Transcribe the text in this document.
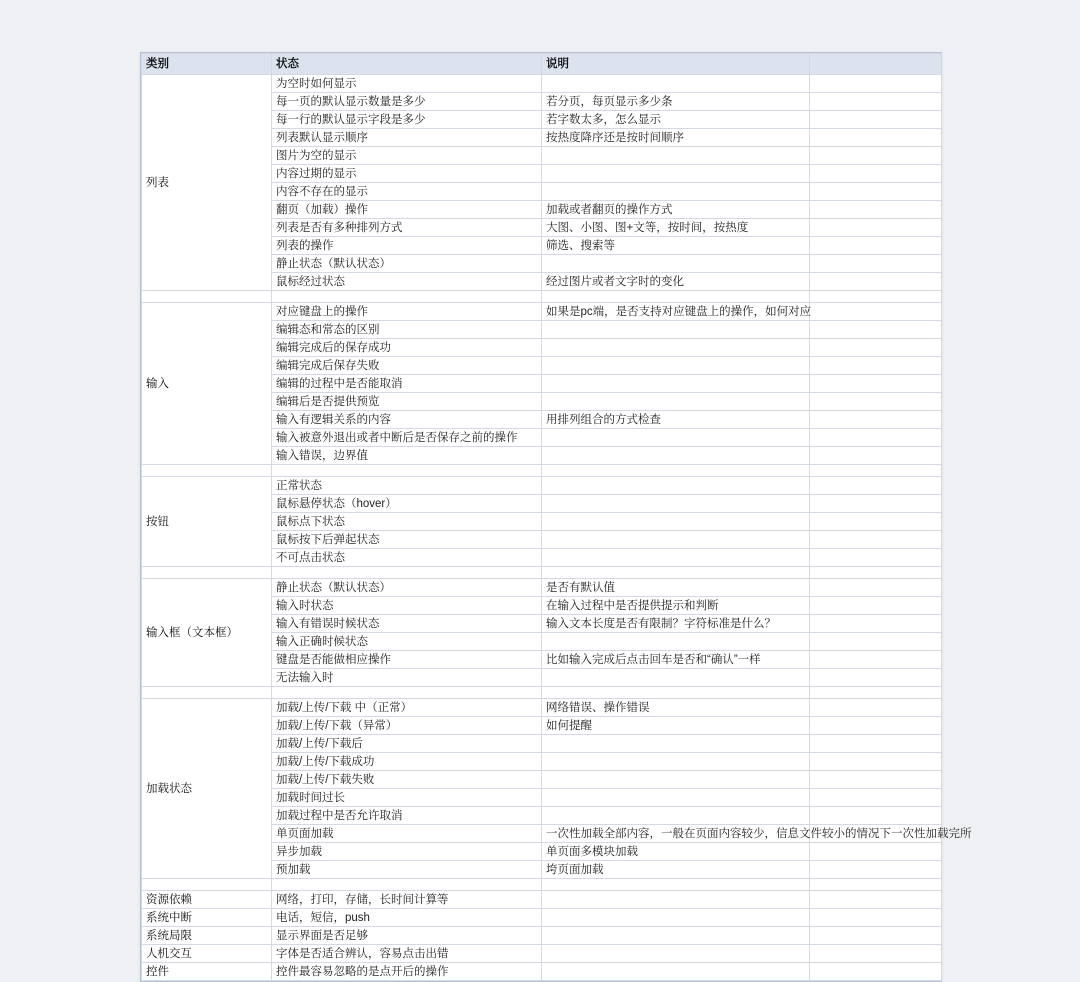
类别	状态	说明	
列表	为空时如何显示		
	每一页的默认显示数量是多少	若分页，每页显示多少条	
	每一行的默认显示字段是多少	若字数太多，怎么显示	
	列表默认显示顺序	按热度降序还是按时间顺序	
	图片为空的显示		
	内容过期的显示		
	内容不存在的显示		
	翻页（加载）操作	加载或者翻页的操作方式	
	列表是否有多种排列方式	大图、小图、图+文等，按时间，按热度	
	列表的操作	筛选、搜索等	
	静止状态（默认状态）		
	鼠标经过状态	经过图片或者文字时的变化	

输入	对应键盘上的操作	如果是pc端，是否支持对应键盘上的操作，如何对应	
	编辑态和常态的区别		
	编辑完成后的保存成功		
	编辑完成后保存失败		
	编辑的过程中是否能取消		
	编辑后是否提供预览		
	输入有逻辑关系的内容	用排列组合的方式检查	
	输入被意外退出或者中断后是否保存之前的操作		
	输入错误，边界值		

按钮	正常状态		
	鼠标悬停状态（hover）		
	鼠标点下状态		
	鼠标按下后弹起状态		
	不可点击状态		

输入框（文本框）	静止状态（默认状态）	是否有默认值	
	输入时状态	在输入过程中是否提供提示和判断	
	输入有错误时候状态	输入文本长度是否有限制？字符标准是什么？	
	输入正确时候状态		
	键盘是否能做相应操作	比如输入完成后点击回车是否和“确认”一样	
	无法输入时		

加载状态	加载/上传/下载 中（正常）	网络错误、操作错误	
	加载/上传/下载（异常）	如何提醒	
	加载/上传/下载后		
	加载/上传/下载成功		
	加载/上传/下载失败		
	加载时间过长		
	加载过程中是否允许取消		
	单页面加载	一次性加载全部内容，一般在页面内容较少，信息文件较小的情况下一次性加载完所	
	异步加载	单页面多模块加载	
	预加载	垮页面加载	

资源依赖	网络，打印，存储，长时间计算等		
系统中断	电话，短信，push		
系统局限	显示界面是否足够		
人机交互	字体是否适合辨认，容易点击出错		
控件	控件最容易忽略的是点开后的操作		
